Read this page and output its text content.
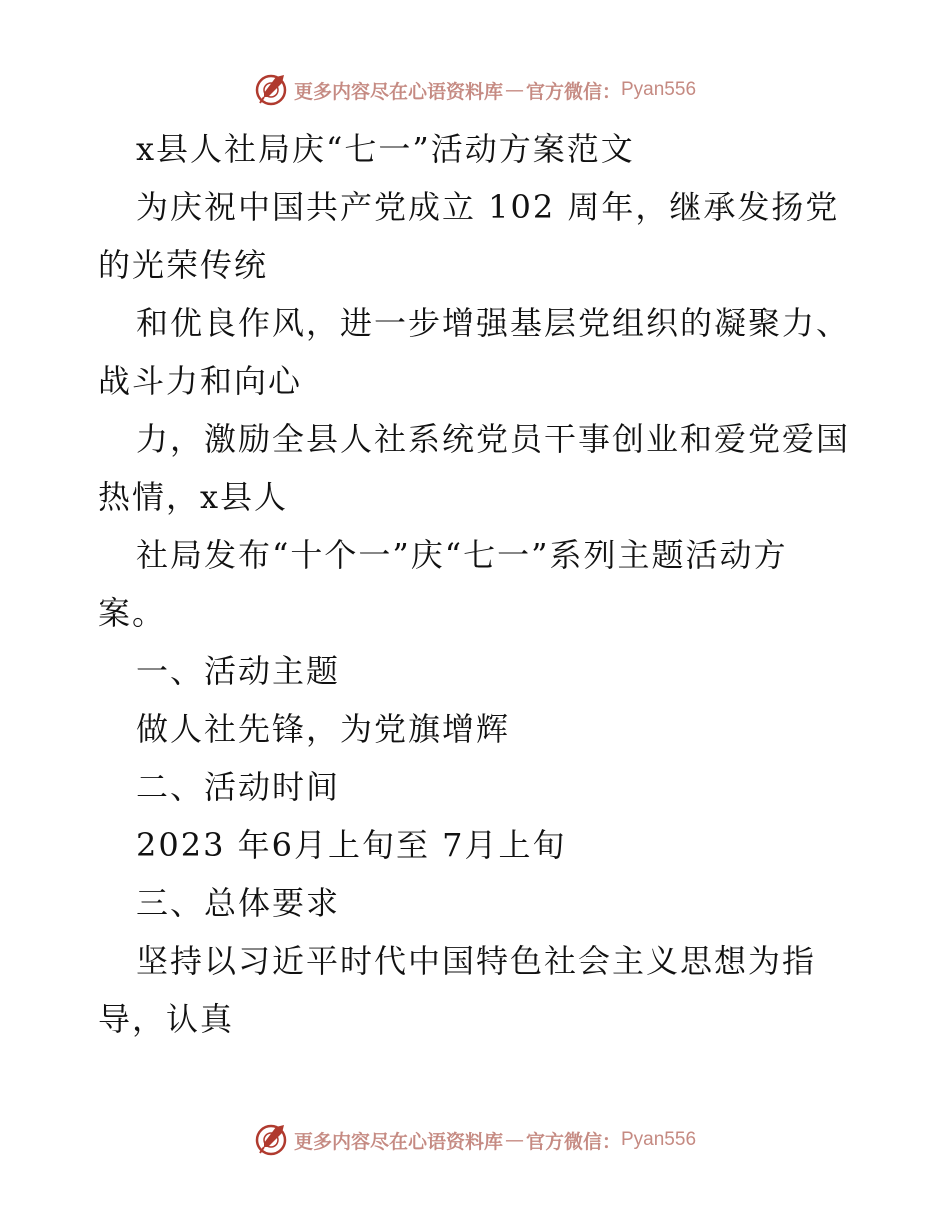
更多内容尽在心语资料库 — 官方微信： Pyan556
x县人社局庆“七一”活动方案范文
为庆祝中国共产党成立 102 周年，继承发扬党
的光荣传统
和优良作风，进一步增强基层党组织的凝聚力、
战斗力和向心
力，激励全县人社系统党员干事创业和爱党爱国
热情，x县人
社局发布“十个一”庆“七一”系列主题活动方
案。
一、活动主题
做人社先锋，为党旗增辉
二、活动时间
2023 年6月上旬至 7月上旬
三、总体要求
坚持以习近平时代中国特色社会主义思想为指
导，认真
更多内容尽在心语资料库 — 官方微信： Pyan556
